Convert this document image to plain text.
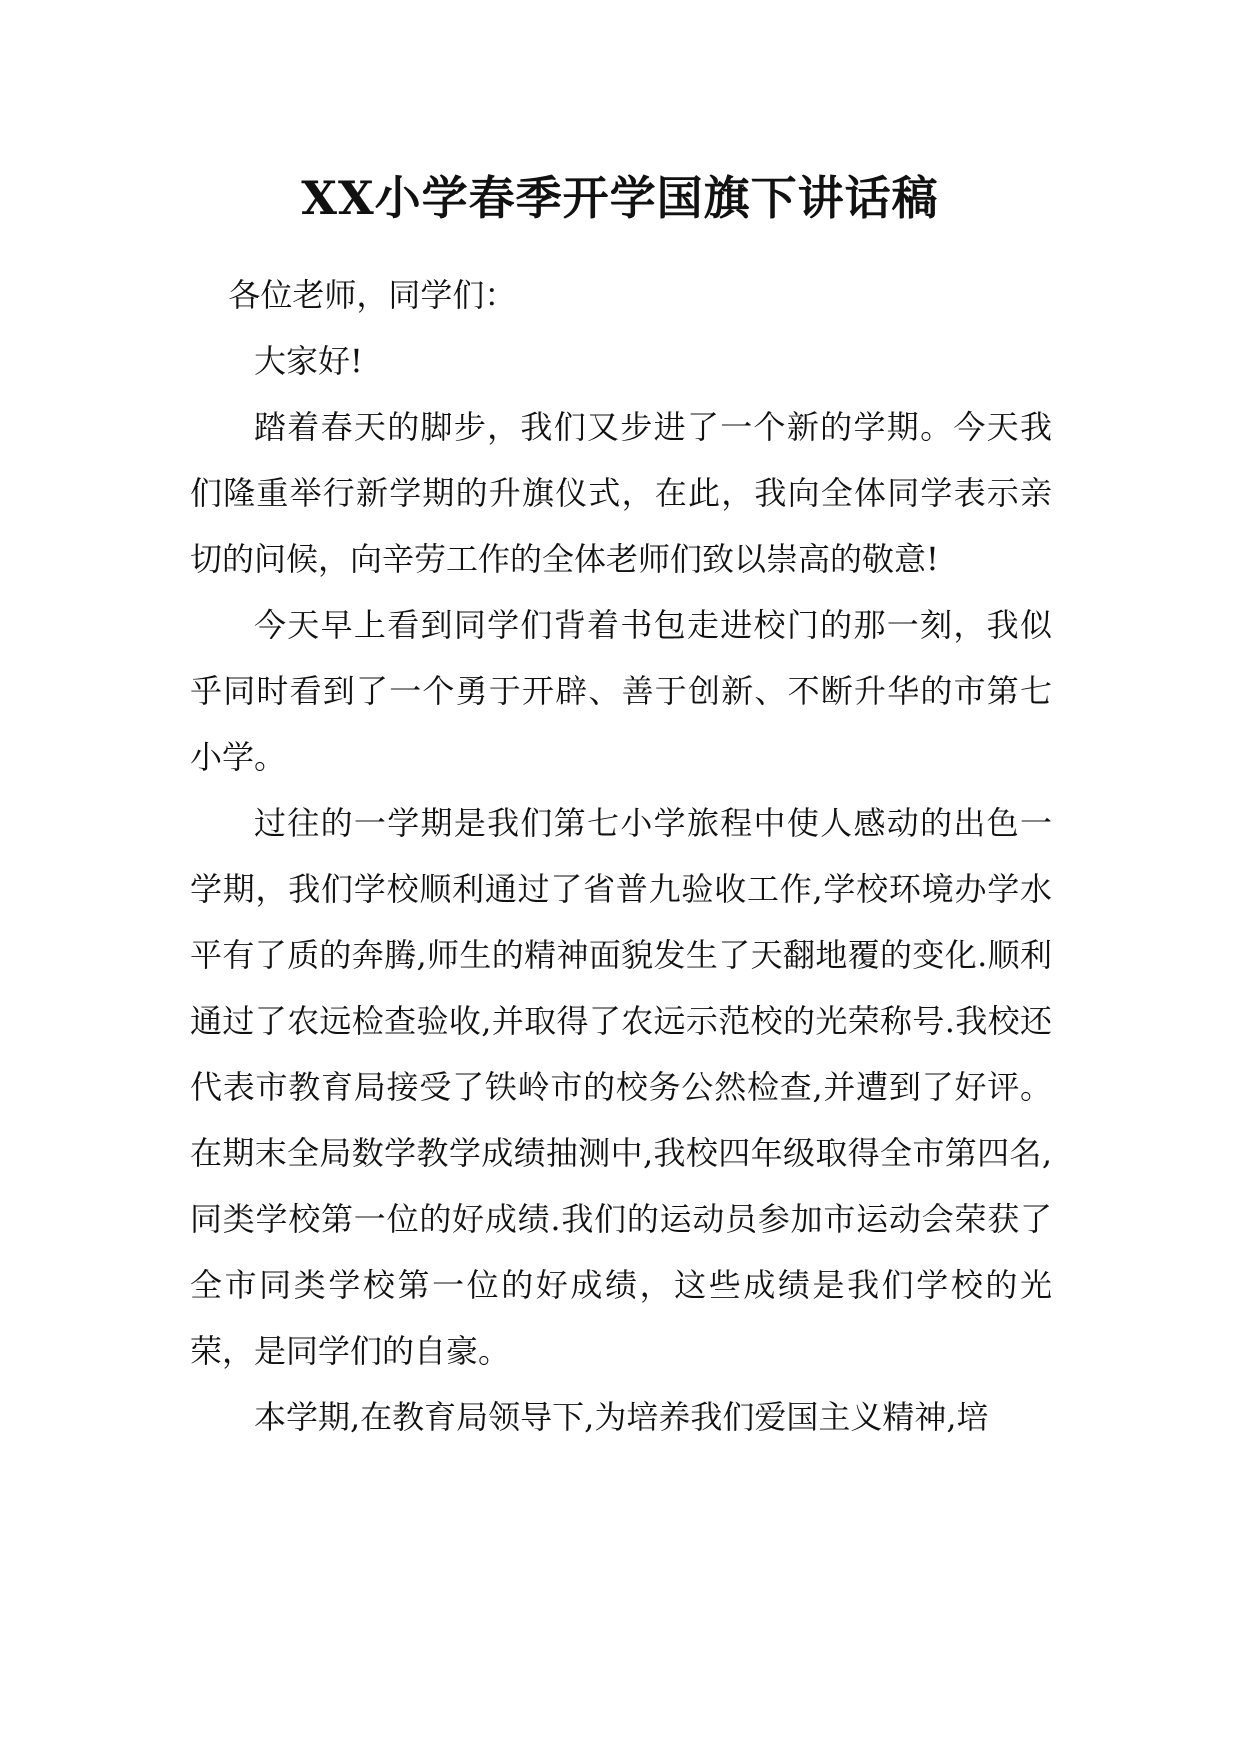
XX小学春季开学国旗下讲话稿

各位老师，同学们：

大家好!

踏着春天的脚步，我们又步进了一个新的学期。今天我们隆重举行新学期的升旗仪式，在此，我向全体同学表示亲切的问候，向辛劳工作的全体老师们致以崇高的敬意!

今天早上看到同学们背着书包走进校门的那一刻，我似乎同时看到了一个勇于开辟、善于创新、不断升华的市第七小学。

过往的一学期是我们第七小学旅程中使人感动的出色一学期，我们学校顺利通过了省普九验收工作,学校环境办学水平有了质的奔腾,师生的精神面貌发生了天翻地覆的变化.顺利通过了农远检查验收,并取得了农远示范校的光荣称号.我校还代表市教育局接受了铁岭市的校务公然检查,并遭到了好评。在期末全局数学教学成绩抽测中,我校四年级取得全市第四名,同类学校第一位的好成绩.我们的运动员参加市运动会荣获了全市同类学校第一位的好成绩，这些成绩是我们学校的光荣，是同学们的自豪。

本学期,在教育局领导下,为培养我们爱国主义精神,培
